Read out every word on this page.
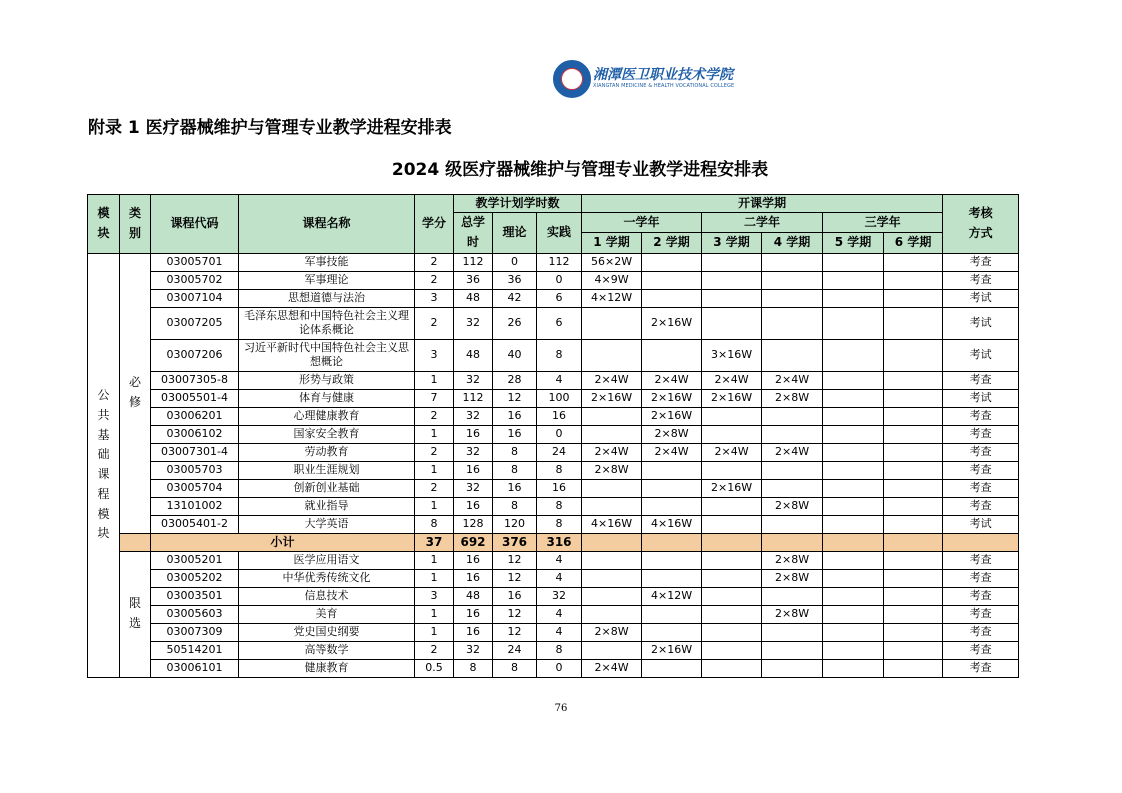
湘潭医卫职业技术学院
XIANGTAN MEDICINE & HEALTH VOCATIONAL COLLEGE
附录 1 医疗器械维护与管理专业教学进程安排表
2024 级医疗器械维护与管理专业教学进程安排表
模块	类别	课程代码	课程名称	学分	教学计划学时数			开课学期						考核方式

					总学时	理论	实践	一学年		二学年		三学年		
								1 学期	2 学期	3 学期	4 学期	5 学期	6 学期	

公共基础课程模块	必修	03005701	军事技能	2	112	0	112	56×2W						考查
		03005702	军事理论	2	36	36	0	4×9W						考查
		03007104	思想道德与法治	3	48	42	6	4×12W						考试
		03007205	毛泽东思想和中国特色社会主义理论体系概论	2	32	26	6		2×16W					考试
		03007206	习近平新时代中国特色社会主义思想概论	3	48	40	8			3×16W				考试
		03007305-8	形势与政策	1	32	28	4	2×4W	2×4W	2×4W	2×4W			考查
		03005501-4	体育与健康	7	112	12	100	2×16W	2×16W	2×16W	2×8W			考试
		03006201	心理健康教育	2	32	16	16		2×16W					考查
		03006102	国家安全教育	1	16	16	0		2×8W					考查
		03007301-4	劳动教育	2	32	8	24	2×4W	2×4W	2×4W	2×4W			考查
		03005703	职业生涯规划	1	16	8	8	2×8W						考查
		03005704	创新创业基础	2	32	16	16			2×16W				考查
		13101002	就业指导	1	16	8	8				2×8W			考查
		03005401-2	大学英语	8	128	120	8	4×16W	4×16W					考试
		小计		37	692	376	316							

	限选	03005201	医学应用语文	1	16	12	4				2×8W			考查
		03005202	中华优秀传统文化	1	16	12	4				2×8W			考查
		03003501	信息技术	3	48	16	32		4×12W					考查
		03005603	美育	1	16	12	4				2×8W			考查
		03007309	党史国史纲要	1	16	12	4	2×8W						考查
		50514201	高等数学	2	32	24	8		2×16W					考查
		03006101	健康教育	0.5	8	8	0	2×4W						考查
76
